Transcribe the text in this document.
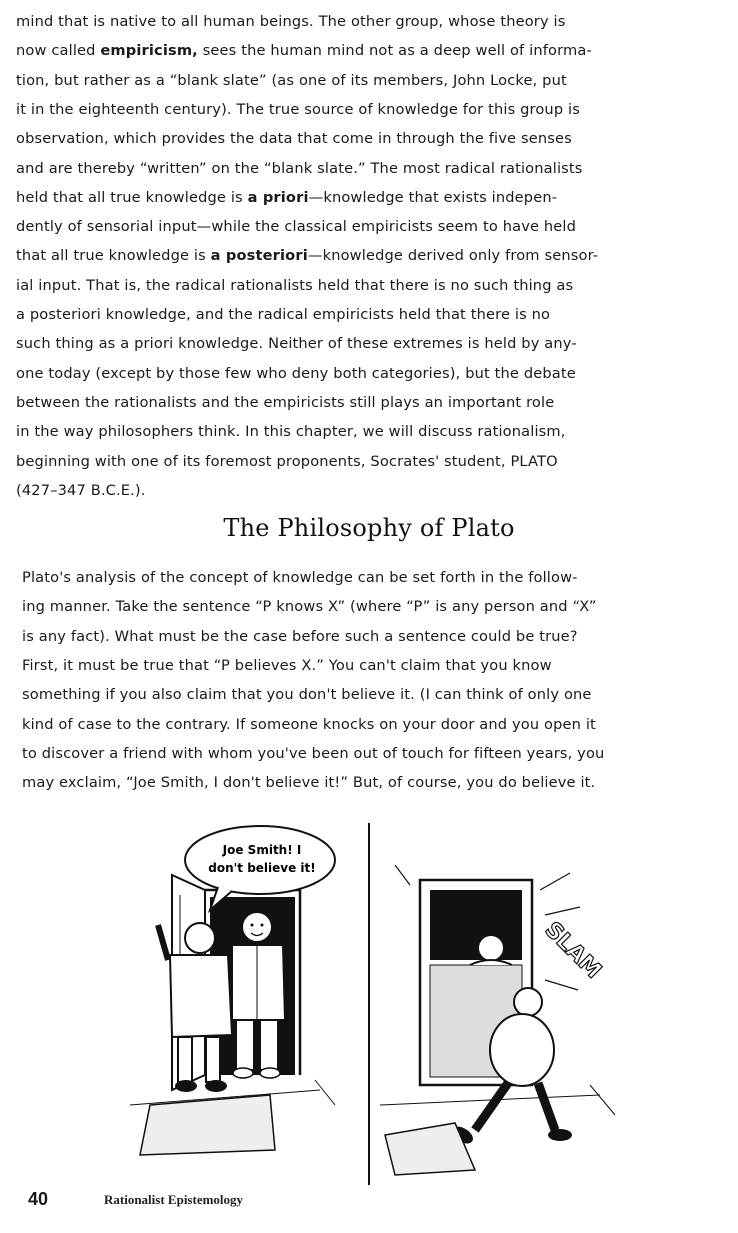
mind that is native to all human beings. The other group, whose theory is
now called empiricism, sees the human mind not as a deep well of informa-
tion, but rather as a “blank slate” (as one of its members, John Locke, put
it in the eighteenth century). The true source of knowledge for this group is
observation, which provides the data that come in through the five senses
and are thereby “written” on the “blank slate.” The most radical rationalists
held that all true knowledge is a priori—knowledge that exists indepen-
dently of sensorial input—while the classical empiricists seem to have held
that all true knowledge is a posteriori—knowledge derived only from sensor-
ial input. That is, the radical rationalists held that there is no such thing as
a posteriori knowledge, and the radical empiricists held that there is no
such thing as a priori knowledge. Neither of these extremes is held by any-
one today (except by those few who deny both categories), but the debate
between the rationalists and the empiricists still plays an important role
in the way philosophers think. In this chapter, we will discuss rationalism,
beginning with one of its foremost proponents, Socrates' student, PLATO
(427–347 B.C.E.).
The Philosophy of Plato
Plato's analysis of the concept of knowledge can be set forth in the follow-
ing manner. Take the sentence “P knows X” (where “P” is any person and “X”
is any fact). What must be the case before such a sentence could be true?
First, it must be true that “P believes X.” You can't claim that you know
something if you also claim that you don't believe it. (I can think of only one
kind of case to the contrary. If someone knocks on your door and you open it
to discover a friend with whom you've been out of touch for fifteen years, you
may exclaim, “Joe Smith, I don't believe it!” But, of course, you do believe it.
Joe Smith! I
don't believe it!
SLAM
40	Rationalist Epistemology
